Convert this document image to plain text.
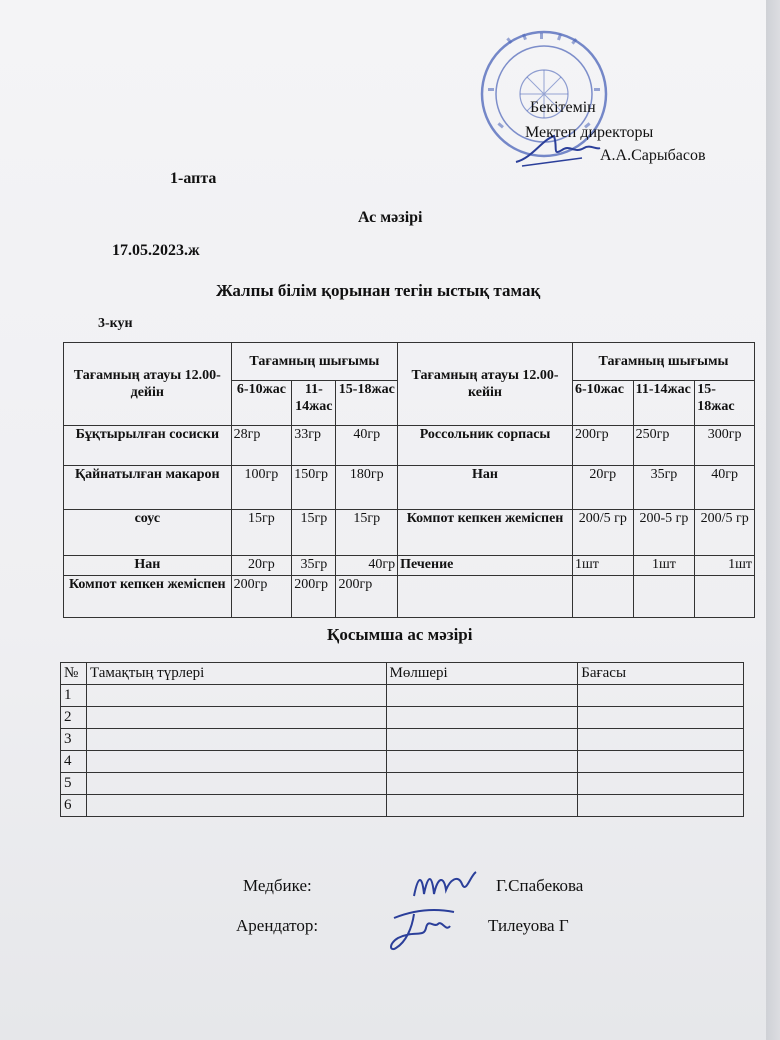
Бекітемін
Мектеп директоры
А.А.Сарыбасов
1-апта
Ас мәзірі
17.05.2023.ж
Жалпы білім қорынан тегін ыстық тамақ
3-кун
Тағамның атауы 12.00-дейін	Тағамның шығымы			Тағамның атауы 12.00-кейін	Тағамның шығымы		
	6-10жас	11-14жас	15-18жас		6-10жас	11-14жас	15-18жас
Бұқтырылған сосиски	28гр	33гр	40гр	Россольник сорпасы	200гр	250гр	300гр
Қайнатылған макарон	100гр	150гр	180гр	Нан	20гр	35гр	40гр
соус	15гр	15гр	15гр	Компот кепкен жеміспен	200/5 гр	200-5 гр	200/5 гр
Нан	20гр	35гр	40гр	Печение	1шт	1шт	1шт
Компот кепкен жеміспен	200гр	200гр	200гр				
Қосымша ас мәзірі
№	Тамақтың түрлері	Мөлшері	Бағасы
1			
2			
3			
4			
5			
6			
Медбике:	Г.Спабекова
Арендатор:	Тилеуова Г
